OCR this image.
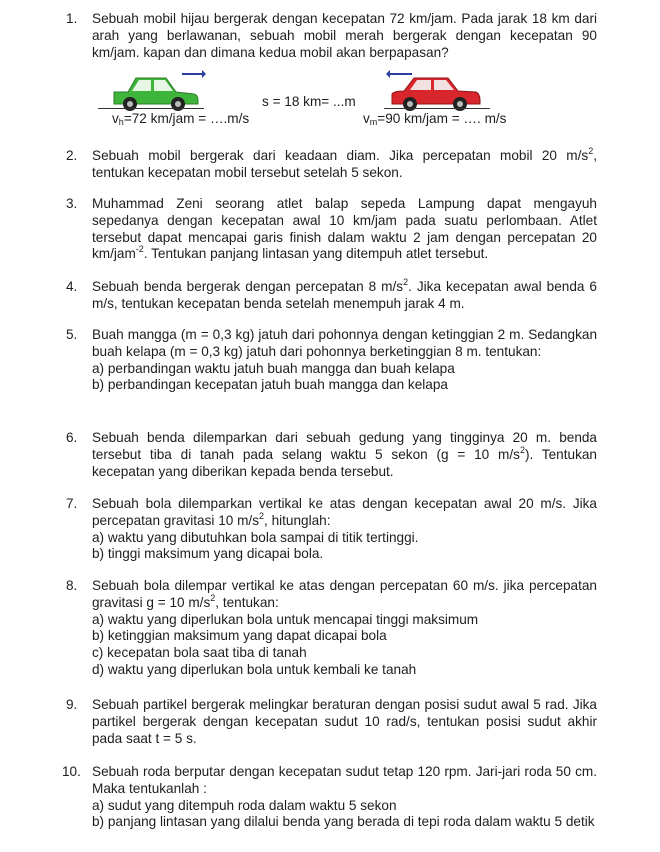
1.	Sebuah mobil hijau bergerak dengan kecepatan 72 km/jam. Pada jarak 18 km dari arah yang berlawanan, sebuah mobil merah bergerak dengan kecepatan 90 km/jam. kapan dan dimana kedua mobil akan berpapasan?

s = 18 km= ...m
$v_h=72$ km/jam = ….m/s	$v_m=90$ km/jam = …. m/s
2.	Sebuah mobil bergerak dari keadaan diam. Jika percepatan mobil 20 $m/s^2$, tentukan kecepatan mobil tersebut setelah 5 sekon.

3.	Muhammad Zeni seorang atlet balap sepeda Lampung dapat mengayuh sepedanya dengan kecepatan awal 10 km/jam pada suatu perlombaan. Atlet tersebut dapat mencapai garis finish dalam waktu 2 jam dengan percepatan 20 km/jam$^{-2}$. Tentukan panjang lintasan yang ditempuh atlet tersebut.

4.	Sebuah benda bergerak dengan percepatan 8 $m/s^2$. Jika kecepatan awal benda 6 m/s, tentukan kecepatan benda setelah menempuh jarak 4 m.

5.	Buah mangga (m = 0,3 kg) jatuh dari pohonnya dengan ketinggian 2 m. Sedangkan buah kelapa (m = 0,3 kg) jatuh dari pohonnya berketinggian 8 m. tentukan:

a) perbandingan waktu jatuh buah mangga dan buah kelapa
b) perbandingan kecepatan jatuh buah mangga dan kelapa
6.	Sebuah benda dilemparkan dari sebuah gedung yang tingginya 20 m. benda tersebut tiba di tanah pada selang waktu 5 sekon (g = 10 $m/s^2$). Tentukan kecepatan yang diberikan kepada benda tersebut.

7.	Sebuah bola dilemparkan vertikal ke atas dengan kecepatan awal 20 m/s. Jika percepatan gravitasi 10 $m/s^2$, hitunglah:

a) waktu yang dibutuhkan bola sampai di titik tertinggi.
b) tinggi maksimum yang dicapai bola.
8.	Sebuah bola dilempar vertikal ke atas dengan percepatan 60 m/s. jika percepatan gravitasi g = 10 $m/s^2$, tentukan:

a) waktu yang diperlukan bola untuk mencapai tinggi maksimum
b) ketinggian maksimum yang dapat dicapai bola
c) kecepatan bola saat tiba di tanah
d) waktu yang diperlukan bola untuk kembali ke tanah
9.	Sebuah partikel bergerak melingkar beraturan dengan posisi sudut awal 5 rad. Jika partikel bergerak dengan kecepatan sudut 10 rad/s, tentukan posisi sudut akhir pada saat t = 5 s.

10. Sebuah roda berputar dengan kecepatan sudut tetap 120 rpm. Jari-jari roda 50 cm. Maka tentukanlah :

a) sudut yang ditempuh roda dalam waktu 5 sekon
b) panjang lintasan yang dilalui benda yang berada di tepi roda dalam waktu 5 detik
